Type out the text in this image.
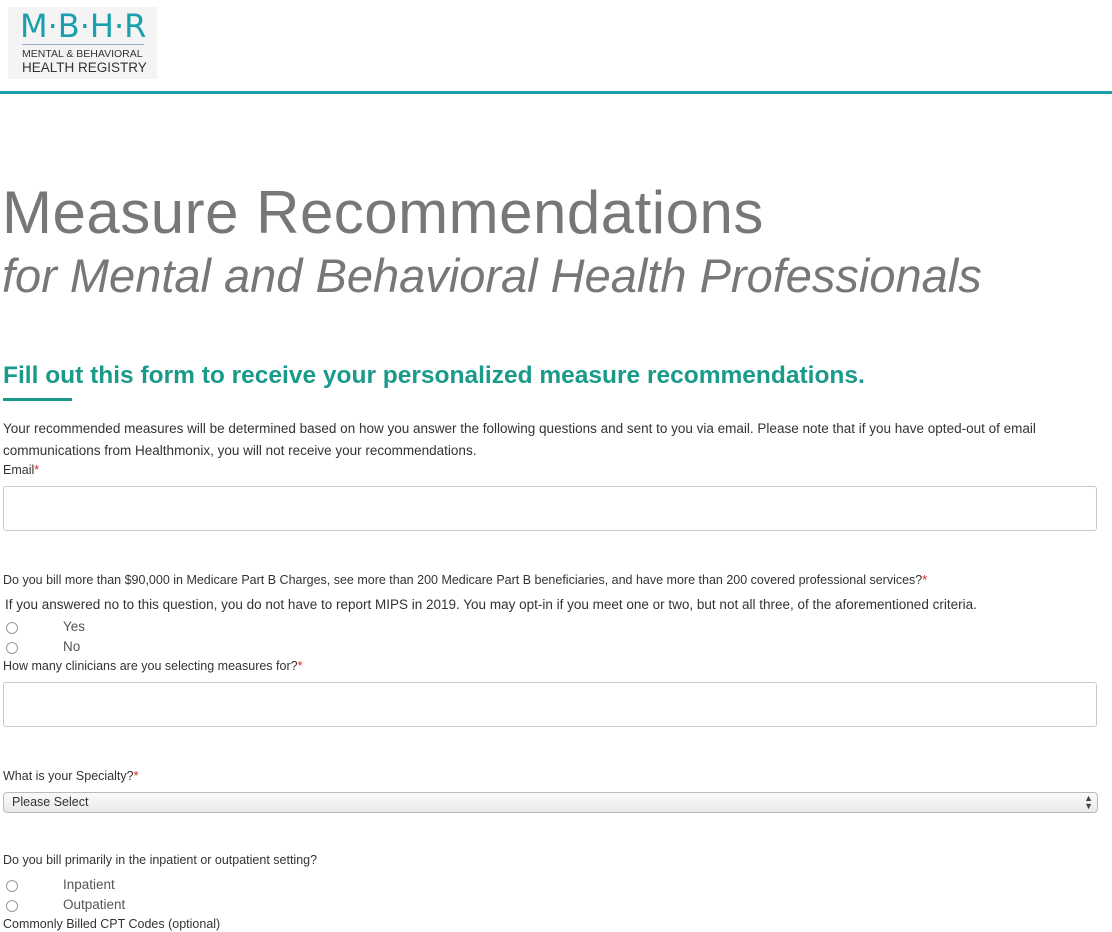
M·B·H·R
MENTAL & BEHAVIORAL
HEALTH REGISTRY
Measure Recommendations
for Mental and Behavioral Health Professionals
Fill out this form to receive your personalized measure recommendations.
Your recommended measures will be determined based on how you answer the following questions and sent to you via email. Please note that if you have opted-out of email communications from Healthmonix, you will not receive your recommendations.
Email*
Do you bill more than $90,000 in Medicare Part B Charges, see more than 200 Medicare Part B beneficiaries, and have more than 200 covered professional services?*
If you answered no to this question, you do not have to report MIPS in 2019. You may opt-in if you meet one or two, but not all three, of the aforementioned criteria.
Yes
No
How many clinicians are you selecting measures for?*
What is your Specialty?*
Please Select	▲
▼
Do you bill primarily in the inpatient or outpatient setting?
Inpatient
Outpatient
Commonly Billed CPT Codes (optional)
